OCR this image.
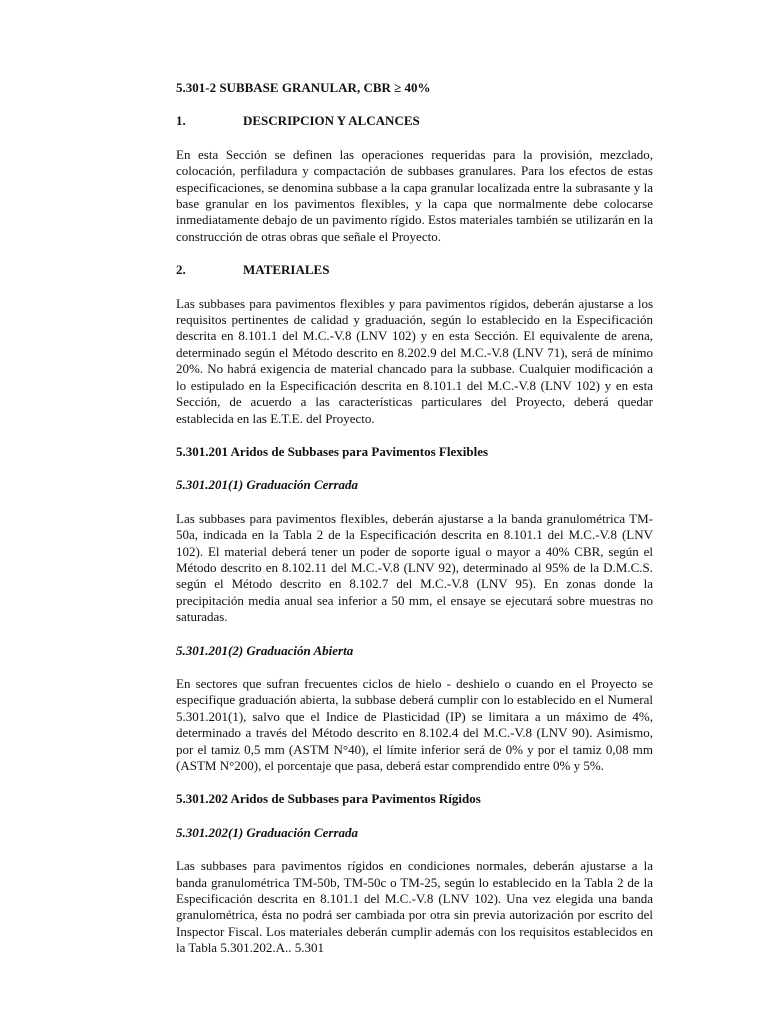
5.301-2 SUBBASE GRANULAR, CBR ≥ 40%
1.	DESCRIPCION Y ALCANCES
En esta Sección se definen las operaciones requeridas para la provisión, mezclado, colocación, perfiladura y compactación de subbases granulares. Para los efectos de estas especificaciones, se denomina subbase a la capa granular localizada entre la subrasante y la base granular en los pavimentos flexibles, y la capa que normalmente debe colocarse inmediatamente debajo de un pavimento rígido. Estos materiales también se utilizarán en la construcción de otras obras que señale el Proyecto.
2.	MATERIALES
Las subbases para pavimentos flexibles y para pavimentos rígidos, deberán ajustarse a los requisitos pertinentes de calidad y graduación, según lo establecido en la Especificación descrita en 8.101.1 del M.C.-V.8 (LNV 102) y en esta Sección. El equivalente de arena, determinado según el Método descrito en 8.202.9 del M.C.-V.8 (LNV 71), será de mínimo 20%. No habrá exigencia de material chancado para la subbase. Cualquier modificación a lo estipulado en la Especificación descrita en 8.101.1 del M.C.-V.8 (LNV 102) y en esta Sección, de acuerdo a las características particulares del Proyecto, deberá quedar establecida en las E.T.E. del Proyecto.
5.301.201 Aridos de Subbases para Pavimentos Flexibles
5.301.201(1) Graduación Cerrada
Las subbases para pavimentos flexibles, deberán ajustarse a la banda granulométrica TM-50a, indicada en la Tabla 2 de la Especificación descrita en 8.101.1 del M.C.-V.8 (LNV 102). El material deberá tener un poder de soporte igual o mayor a 40% CBR, según el Método descrito en 8.102.11 del M.C.-V.8 (LNV 92), determinado al 95% de la D.M.C.S. según el Método descrito en 8.102.7 del M.C.-V.8 (LNV 95). En zonas donde la precipitación media anual sea inferior a 50 mm, el ensaye se ejecutará sobre muestras no saturadas.
5.301.201(2) Graduación Abierta
En sectores que sufran frecuentes ciclos de hielo - deshielo o cuando en el Proyecto se especifique graduación abierta, la subbase deberá cumplir con lo establecido en el Numeral 5.301.201(1), salvo que el Indice de Plasticidad (IP) se limitara a un máximo de 4%, determinado a través del Método descrito en 8.102.4 del M.C.-V.8 (LNV 90). Asimismo, por el tamiz 0,5 mm (ASTM N°40), el límite inferior será de 0% y por el tamiz 0,08 mm (ASTM N°200), el porcentaje que pasa, deberá estar comprendido entre 0% y 5%.
5.301.202 Aridos de Subbases para Pavimentos Rígidos
5.301.202(1) Graduación Cerrada
Las subbases para pavimentos rígidos en condiciones normales, deberán ajustarse a la banda granulométrica TM-50b, TM-50c o TM-25, según lo establecido en la Tabla 2 de la Especificación descrita en 8.101.1 del M.C.-V.8 (LNV 102). Una vez elegida una banda granulométrica, ésta no podrá ser cambiada por otra sin previa autorización por escrito del Inspector Fiscal. Los materiales deberán cumplir además con los requisitos establecidos en la Tabla 5.301.202.A.. 5.301
